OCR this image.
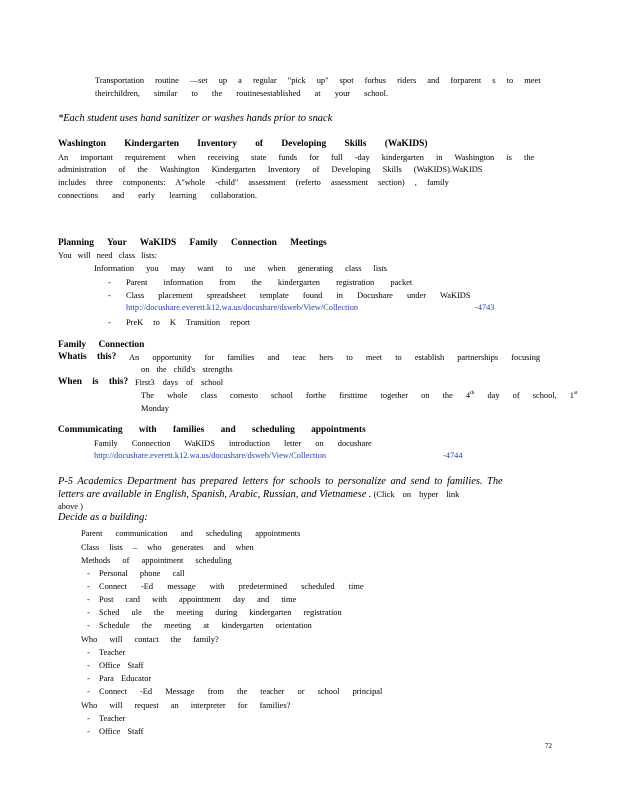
Transportation routine —set up a regular "pick up" spot forbus riders and forparent s to meet
theirchildren, similar to the routinesestablished at your school.
*Each student uses hand sanitizer or washes hands prior to snack
Washington Kindergarten Inventory of Developing Skills (WaKIDS)
An important requirement when receiving state funds for full -day kindergarten in Washington is the
administration of the Washington Kindergarten Inventory of Developing Skills (WaKIDS).WaKIDS
includes three components: A"whole -child" assessment (referto assessment section) , family
connections and early learning collaboration.
Planning Your WaKIDS Family Connection Meetings
You will need class lists:
Information you may want to use when generating class lists
- Parent information from the kindergarten registration packet
- Class placement spreadsheet template found in Docushare under WaKIDS
http://docushare.everett.k12.wa.us/docushare/dsweb/View/Collection	-4743
- PreK to K Transition report
Family Connection
Whatis this? An opportunity for families and teac hers to meet to establish partnerships focusing
on the child's strengths
When is this? First3 days of school
The whole class comesto school forthe firsttime together on the 4th day of school, 1st
Monday
Communicating with families and scheduling appointments
Family Connection WaKIDS introduction letter on docushare
http://docushare.everett.k12.wa.us/docushare/dsweb/View/Collection	-4744
P-5 Academics Department has prepared letters for schools to personalize and send to families. The
letters are available in English, Spanish, Arabic, Russian, and Vietnamese . (Click on hyper link
above )
Decide as a building:
Parent communication and scheduling appointments
Class lists – who generates and when
Methods of appointment scheduling
- Personal phone call
- Connect -Ed message with predetermined scheduled time
- Post card with appointment day and time
- Sched ule the meeting during kindergarten registration
- Schedule the meeting at kindergarten orientation
Who will contact the family?
- Teacher
- Office Staff
- Para Educator
- Connect -Ed Message from the teacher or school principal
Who will request an interpreter for families?
- Teacher
- Office Staff
72
